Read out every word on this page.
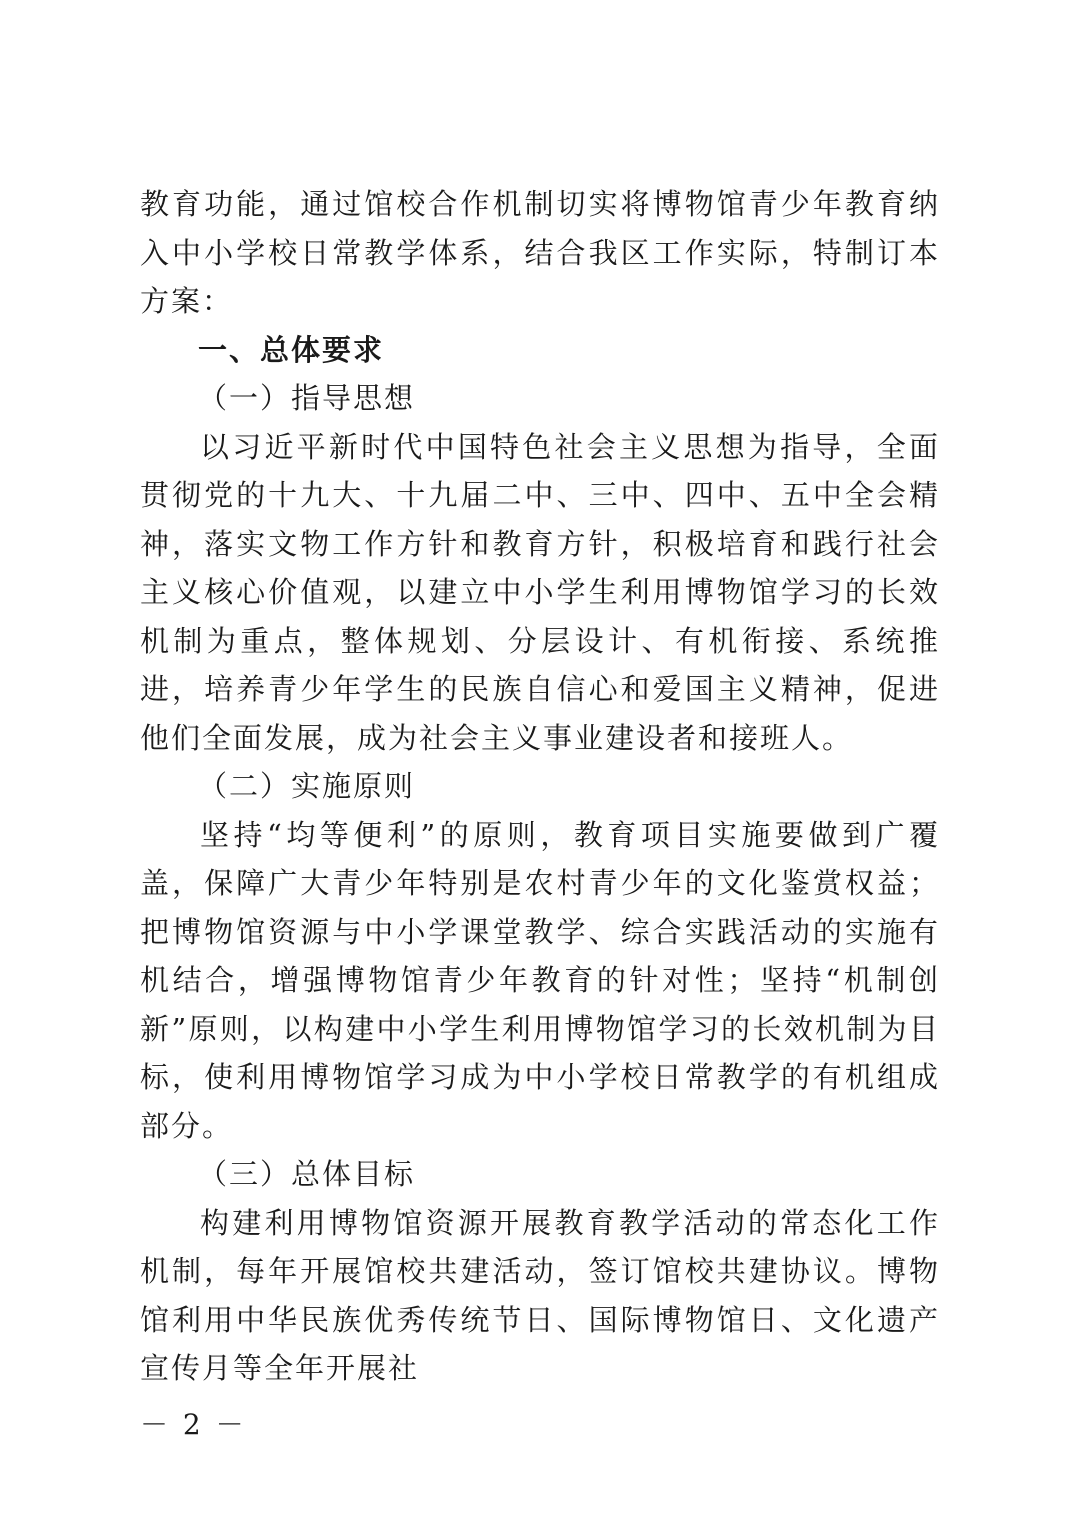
教育功能，通过馆校合作机制切实将博物馆青少年教育纳入中小学校日常教学体系，结合我区工作实际，特制订本方案：

一、总体要求

（一）指导思想

以习近平新时代中国特色社会主义思想为指导，全面贯彻党的十九大、十九届二中、三中、四中、五中全会精神，落实文物工作方针和教育方针，积极培育和践行社会主义核心价值观，以建立中小学生利用博物馆学习的长效机制为重点，整体规划、分层设计、有机衔接、系统推进，培养青少年学生的民族自信心和爱国主义精神，促进他们全面发展，成为社会主义事业建设者和接班人。

（二）实施原则

坚持“均等便利”的原则，教育项目实施要做到广覆盖，保障广大青少年特别是农村青少年的文化鉴赏权益；把博物馆资源与中小学课堂教学、综合实践活动的实施有机结合，增强博物馆青少年教育的针对性；坚持“机制创新”原则，以构建中小学生利用博物馆学习的长效机制为目标，使利用博物馆学习成为中小学校日常教学的有机组成部分。

（三）总体目标

构建利用博物馆资源开展教育教学活动的常态化工作机制，每年开展馆校共建活动，签订馆校共建协议。博物馆利用中华民族优秀传统节日、国际博物馆日、文化遗产宣传月等全年开展社

－ 2 －
